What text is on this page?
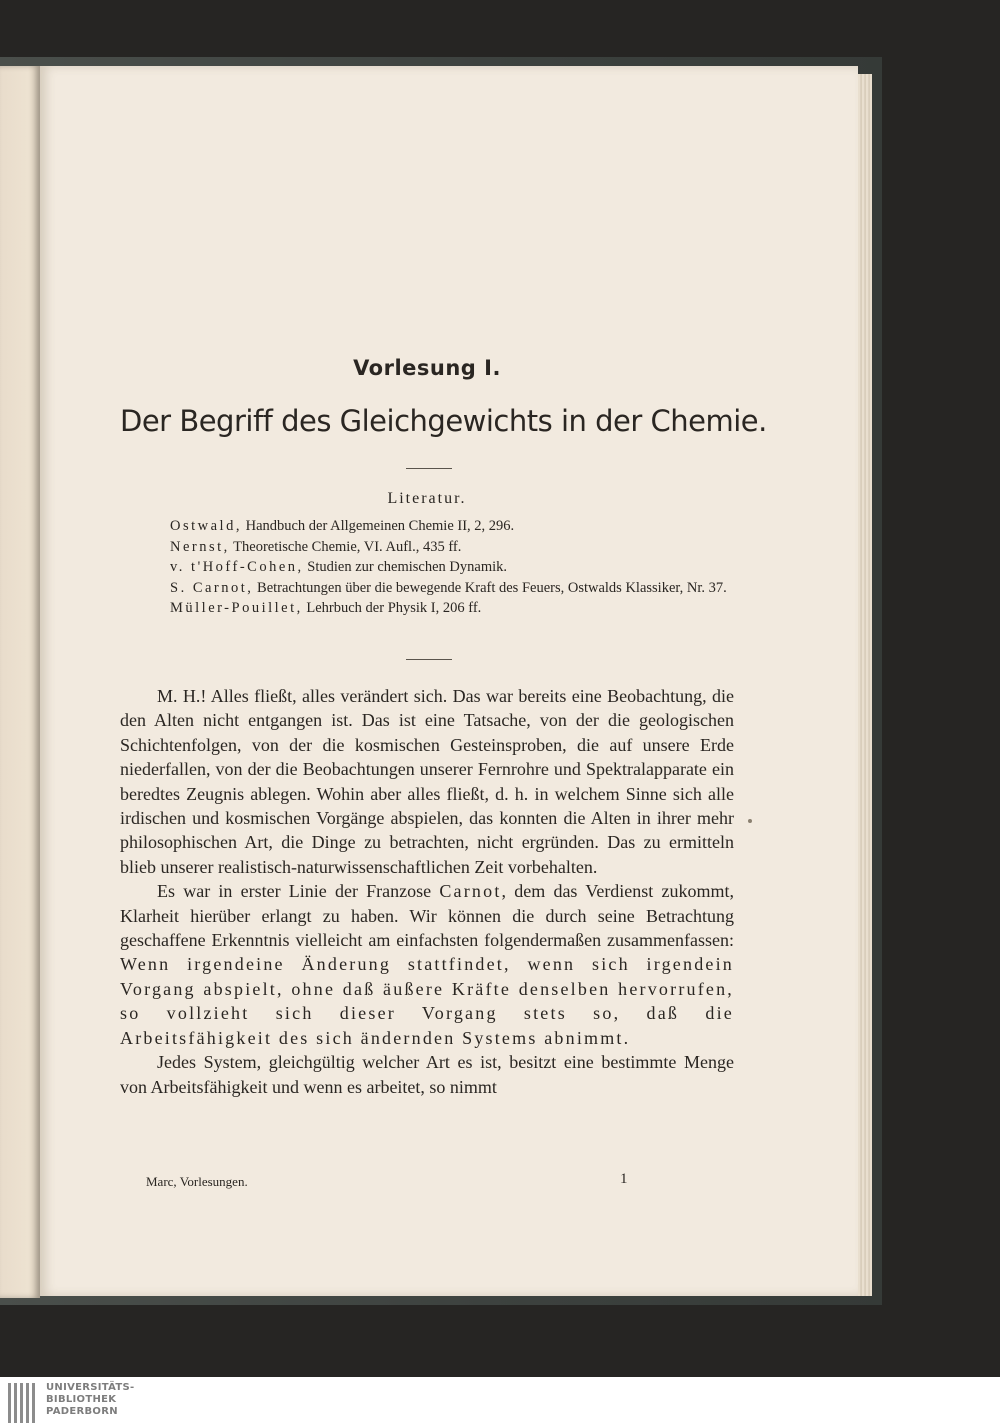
Vorlesung I.
Der Begriff des Gleichgewichts in der Chemie.
Literatur.

Ostwald, Handbuch der Allgemeinen Chemie II, 2, 296.

Nernst, Theoretische Chemie, VI. Aufl., 435 ff.

v. t'Hoff-Cohen, Studien zur chemischen Dynamik.

S. Carnot, Betrachtungen über die bewegende Kraft des Feuers, Ostwalds Klassiker, Nr. 37.

Müller-Pouillet, Lehrbuch der Physik I, 206 ff.

M. H.! Alles fließt, alles verändert sich. Das war bereits eine Beobachtung, die den Alten nicht entgangen ist. Das ist eine Tatsache, von der die geologischen Schichtenfolgen, von der die kosmischen Gesteinsproben, die auf unsere Erde niederfallen, von der die Beobachtungen unserer Fernrohre und Spektralapparate ein beredtes Zeugnis ablegen. Wohin aber alles fließt, d. h. in welchem Sinne sich alle irdischen und kosmischen Vorgänge abspielen, das konnten die Alten in ihrer mehr philosophischen Art, die Dinge zu betrachten, nicht ergründen. Das zu ermitteln blieb unserer realistisch-naturwissenschaftlichen Zeit vorbehalten.

Es war in erster Linie der Franzose Carnot, dem das Verdienst zukommt, Klarheit hierüber erlangt zu haben. Wir können die durch seine Betrachtung geschaffene Erkenntnis vielleicht am einfachsten folgendermaßen zusammenfassen: Wenn irgendeine Änderung stattfindet, wenn sich irgendein Vorgang abspielt, ohne daß äußere Kräfte denselben hervorrufen, so vollzieht sich dieser Vorgang stets so, daß die Arbeitsfähigkeit des sich ändernden Systems abnimmt.

Jedes System, gleichgültig welcher Art es ist, besitzt eine bestimmte Menge von Arbeitsfähigkeit und wenn es arbeitet, so nimmt

Marc, Vorlesungen.	1
UNIVERSITÄTS-
BIBLIOTHEK
PADERBORN
